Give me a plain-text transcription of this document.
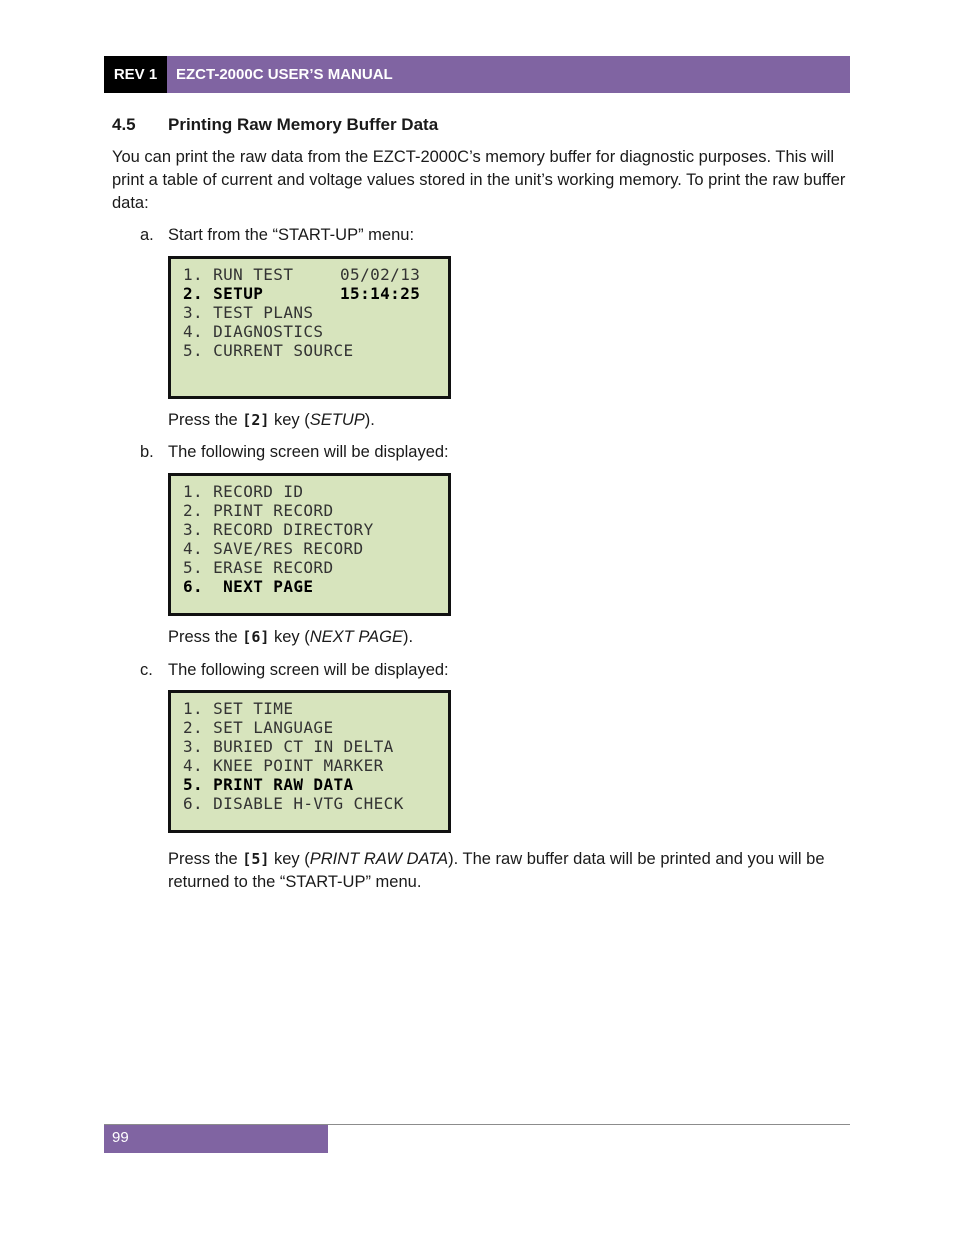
REV 1	EZCT-2000C USER’S MANUAL
4.5	Printing Raw Memory Buffer Data
You can print the raw data from the EZCT-2000C’s memory buffer for diagnostic purposes. This will print a table of current and voltage values stored in the unit’s working memory. To print the raw buffer data:
a. Start from the “START-UP” menu:
1. RUN TEST	05/02/13
2. SETUP	15:14:25
3. TEST PLANS
4. DIAGNOSTICS
5. CURRENT SOURCE
Press the [2] key (SETUP).
b. The following screen will be displayed:
1. RECORD ID
2. PRINT RECORD
3. RECORD DIRECTORY
4. SAVE/RES RECORD
5. ERASE RECORD
6.  NEXT PAGE
Press the [6] key (NEXT PAGE).
c. The following screen will be displayed:
1. SET TIME
2. SET LANGUAGE
3. BURIED CT IN DELTA
4. KNEE POINT MARKER
5. PRINT RAW DATA
6. DISABLE H-VTG CHECK
Press the [5] key (PRINT RAW DATA). The raw buffer data will be printed and you will be returned to the “START-UP” menu.
99
